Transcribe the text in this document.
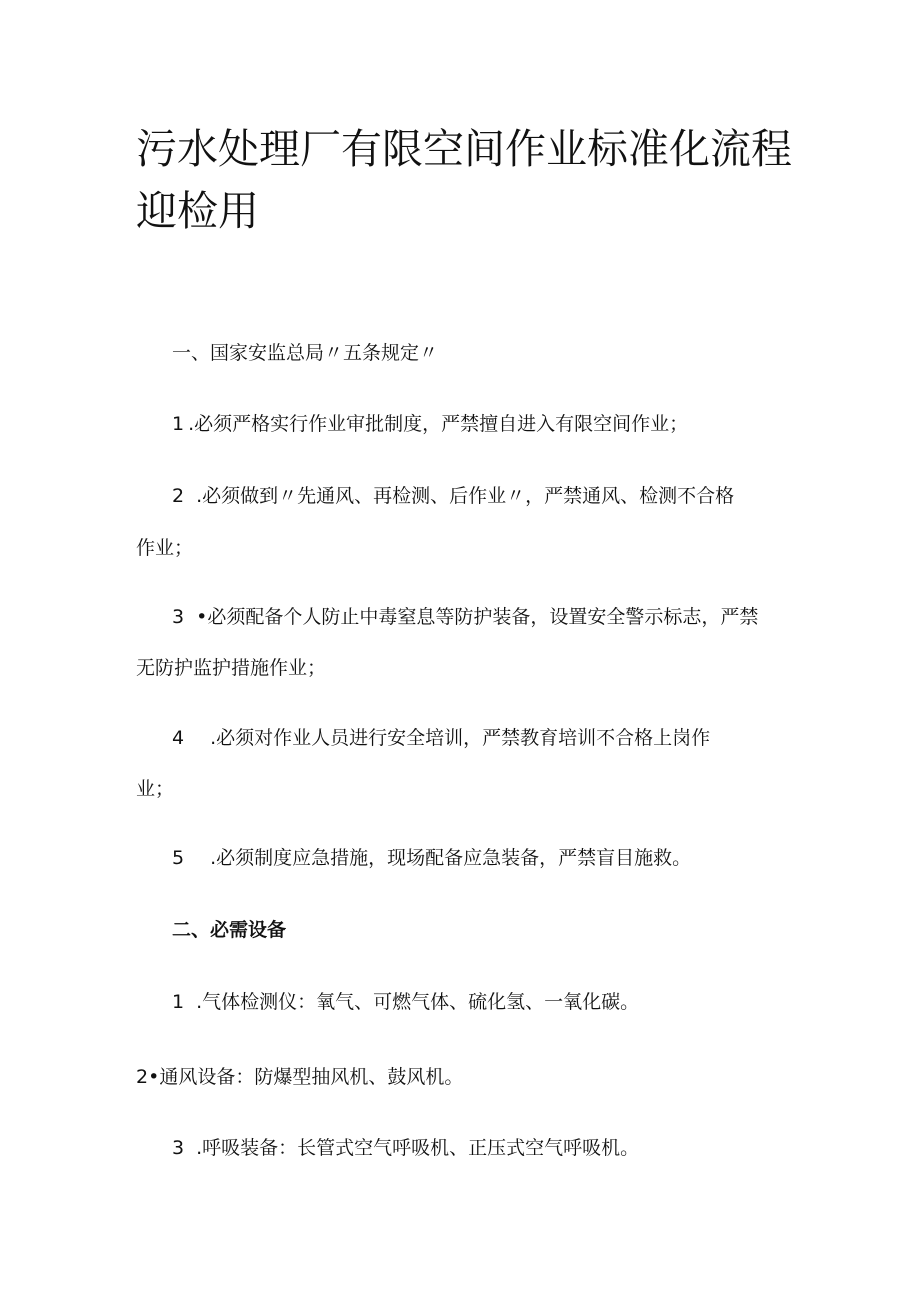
污水处理厂有限空间作业标准化流程迎检用

一、国家安监总局〃五条规定〃

1 .必须严格实行作业审批制度，严禁擅自进入有限空间作业；

2 .必须做到〃先通风、再检测、后作业〃，严禁通风、检测不合格

作业；

3 •必须配备个人防止中毒窒息等防护装备，设置安全警示标志，严禁

无防护监护措施作业；

4 .必须对作业人员进行安全培训，严禁教育培训不合格上岗作

业；

5 .必须制度应急措施，现场配备应急装备，严禁盲目施救。

二、必需设备

1 .气体检测仪：氧气、可燃气体、硫化氢、一氧化碳。

2•通风设备：防爆型抽风机、鼓风机。

3 .呼吸装备：长管式空气呼吸机、正压式空气呼吸机。
